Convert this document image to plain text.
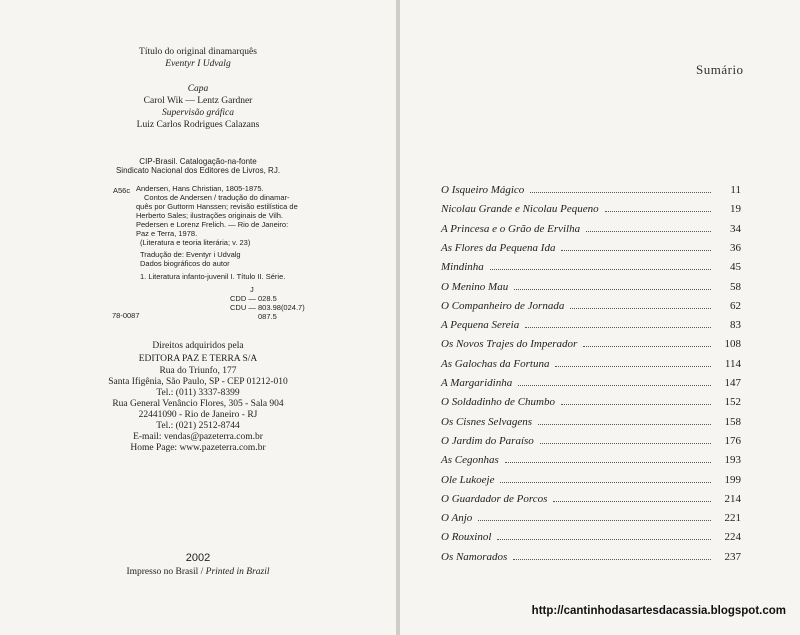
Título do original dinamarquês
Eventyr I Udvalg
Capa
Carol Wik — Lentz Gardner
Supervisão gráfica
Luiz Carlos Rodrigues Calazans
CIP-Brasil. Catalogação-na-fonte
Sindicato Nacional dos Editores de Livros, RJ.
A56c Andersen, Hans Christian, 1805-1875.
Contos de Andersen / tradução do dinamar-
quês por Guttorm Hanssen; revisão estilística de
Herberto Sales; ilustrações originais de Vilh.
Pedersen e Lorenz Frelich. — Rio de Janeiro:
Paz e Terra, 1978.
(Literatura e teoria literária; v. 23)
Tradução de: Eventyr i Udvalg
Dados biográficos do autor
1. Literatura infanto-juvenil I. Título II. Série.
J
CDD — 028.5
CDU — 803.98(024.7)
087.5
78-0087
Direitos adquiridos pela
EDITORA PAZ E TERRA S/A
Rua do Triunfo, 177
Santa Ifigênia, São Paulo, SP - CEP 01212-010
Tel.: (011) 3337-8399
Rua General Venâncio Flores, 305 - Sala 904
22441090 - Rio de Janeiro - RJ
Tel.: (021) 2512-8744
E-mail: vendas@pazeterra.com.br
Home Page: www.pazeterra.com.br
2002
Impresso no Brasil / Printed in Brazil
Sumário
O Isqueiro Mágico	11
Nicolau Grande e Nicolau Pequeno	19
A Princesa e o Grão de Ervilha	34
As Flores da Pequena Ida	36
Mindinha	45
O Menino Mau	58
O Companheiro de Jornada	62
A Pequena Sereia	83
Os Novos Trajes do Imperador	108
As Galochas da Fortuna	114
A Margaridinha	147
O Soldadinho de Chumbo	152
Os Cisnes Selvagens	158
O Jardim do Paraíso	176
As Cegonhas	193
Ole Lukoeje	199
O Guardador de Porcos	214
O Anjo	221
O Rouxinol	224
Os Namorados	237
http://cantinhodasartesdacassia.blogspot.com
